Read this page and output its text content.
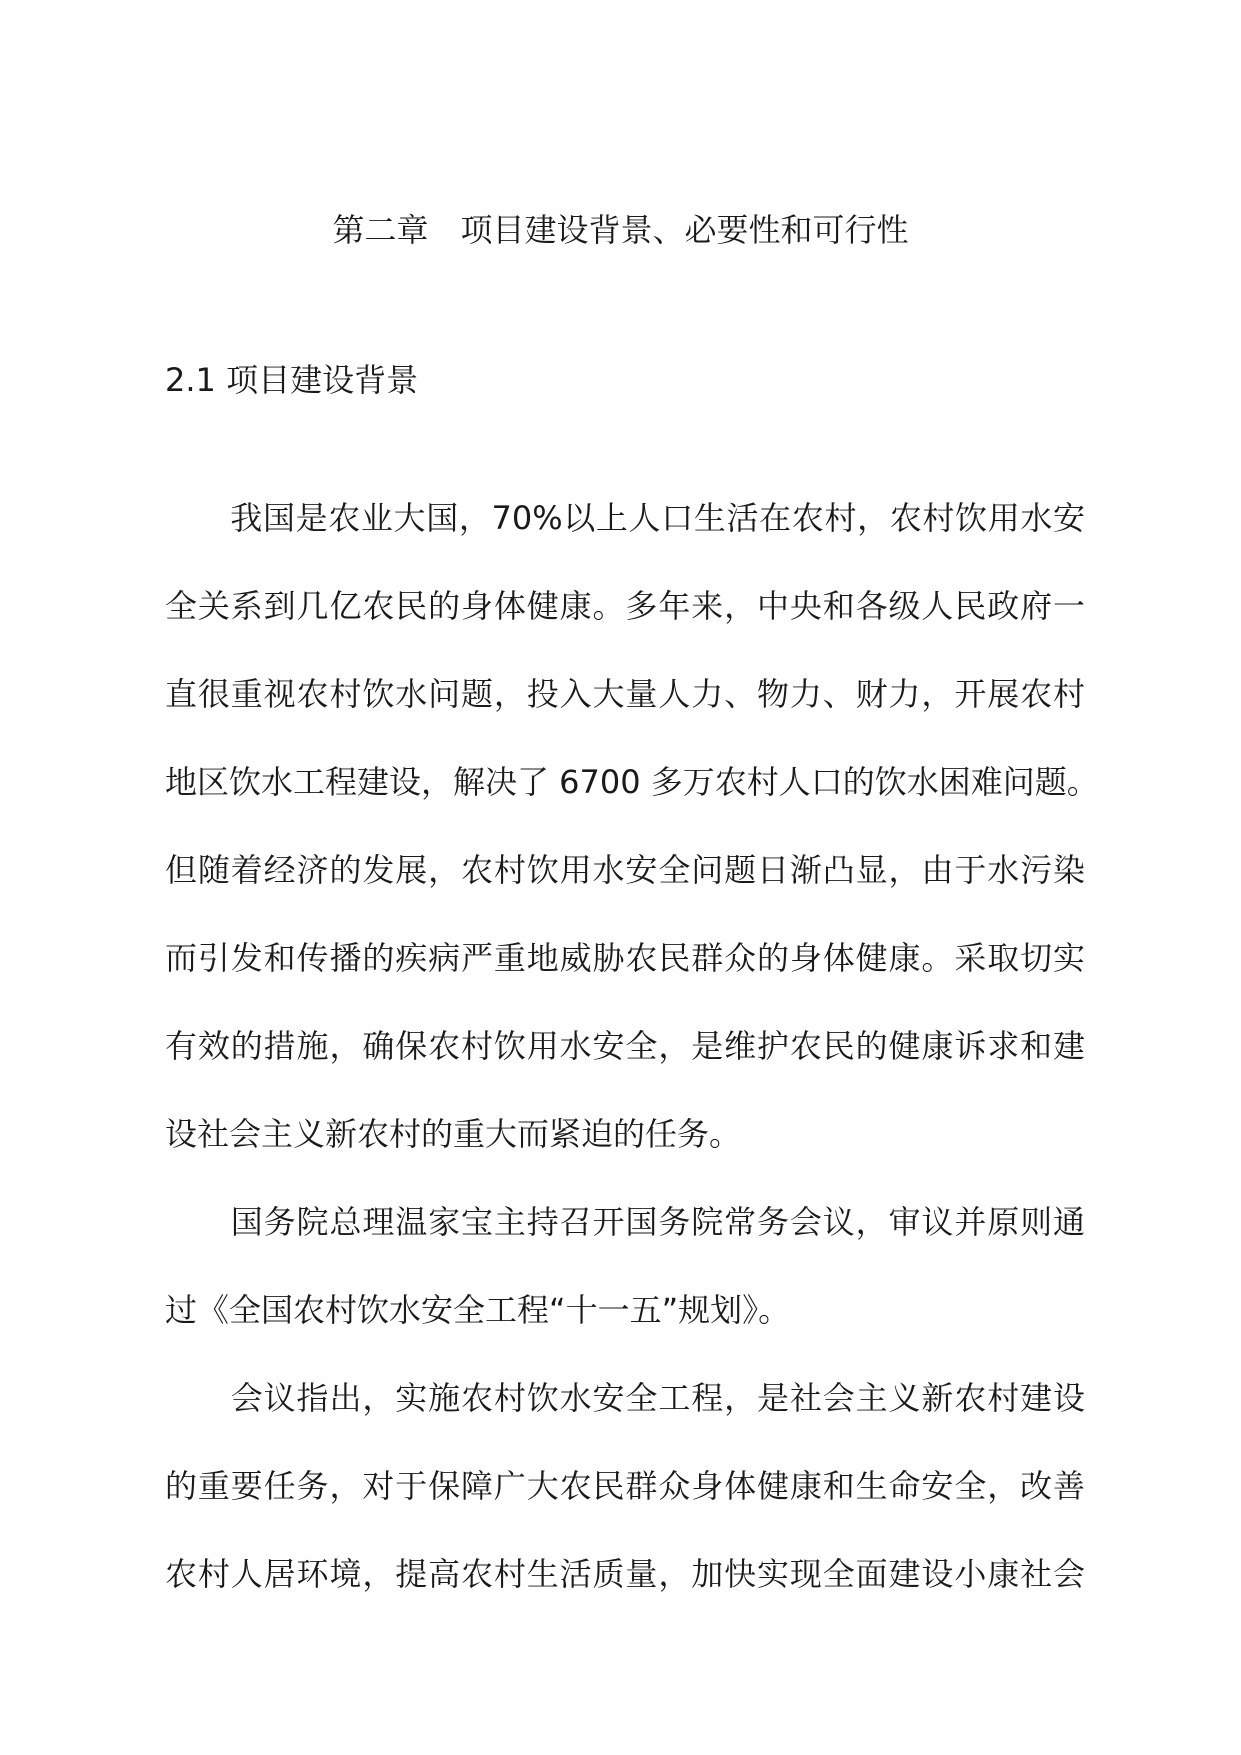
第二章　项目建设背景、必要性和可行性
2.1 项目建设背景
　　我国是农业大国，70%以上人口生活在农村，农村饮用水安
全关系到几亿农民的身体健康。多年来，中央和各级人民政府一
直很重视农村饮水问题，投入大量人力、物力、财力，开展农村
地区饮水工程建设，解决了 6700 多万农村人口的饮水困难问题。
但随着经济的发展，农村饮用水安全问题日渐凸显，由于水污染
而引发和传播的疾病严重地威胁农民群众的身体健康。采取切实
有效的措施，确保农村饮用水安全，是维护农民的健康诉求和建
设社会主义新农村的重大而紧迫的任务。
　　国务院总理温家宝主持召开国务院常务会议，审议并原则通
过《全国农村饮水安全工程“十一五”规划》。
　　会议指出，实施农村饮水安全工程，是社会主义新农村建设
的重要任务，对于保障广大农民群众身体健康和生命安全，改善
农村人居环境，提高农村生活质量，加快实现全面建设小康社会
